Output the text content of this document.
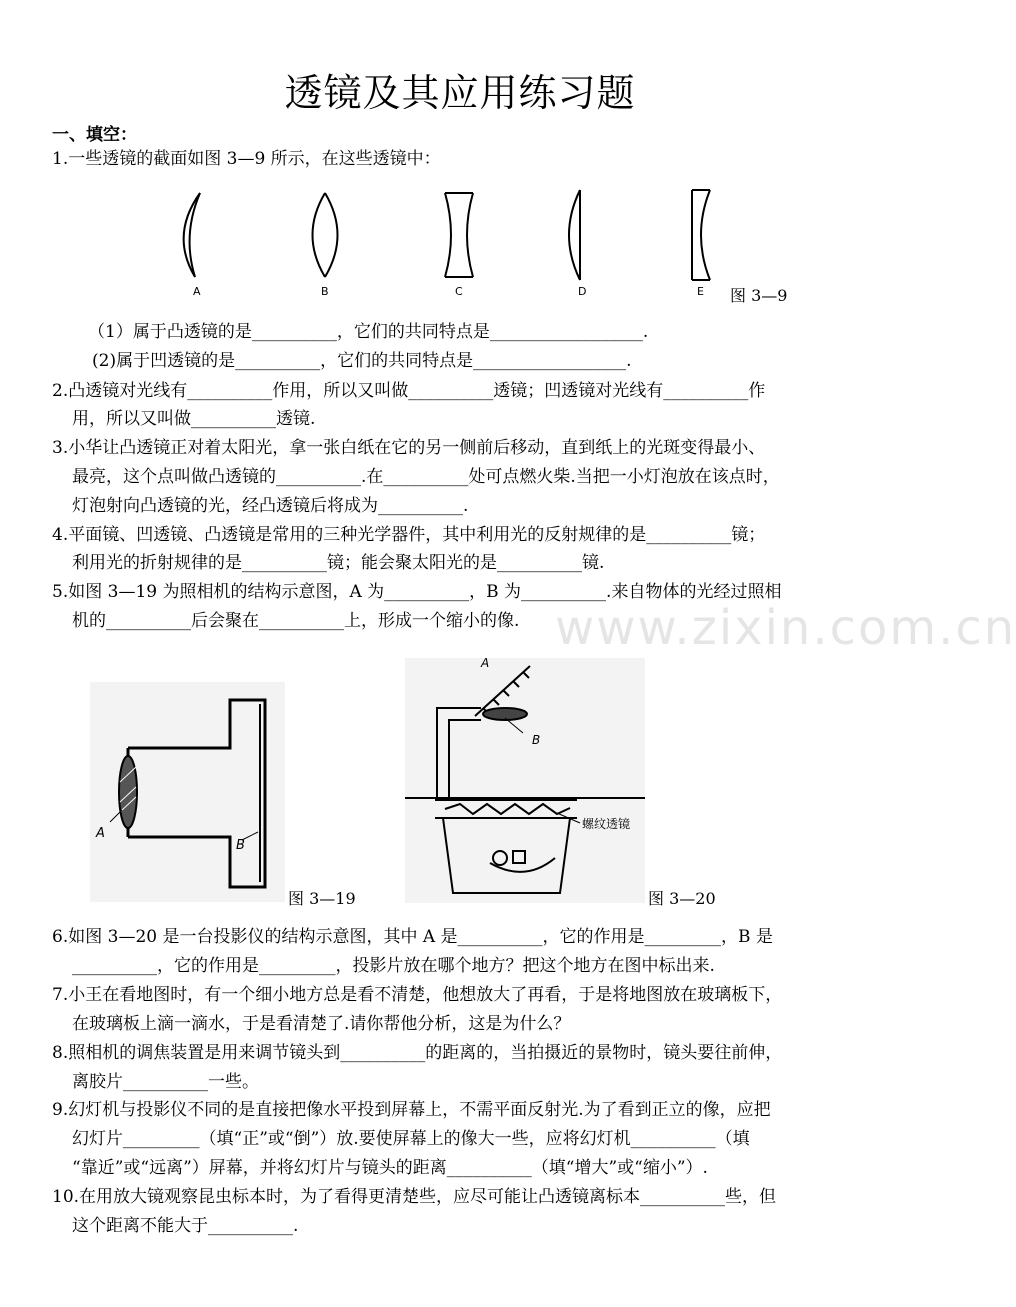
透镜及其应用练习题
一、填空：
1.一些透镜的截面如图 3—9 所示，在这些透镜中：
A	B	C	D	E 图 3—9
（1）属于凸透镜的是__________，它们的共同特点是__________________.
(2)属于凹透镜的是__________，它们的共同特点是__________________.
2.凸透镜对光线有__________作用，所以又叫做__________透镜；凹透镜对光线有__________作
用，所以又叫做__________透镜.
3.小华让凸透镜正对着太阳光，拿一张白纸在它的另一侧前后移动，直到纸上的光斑变得最小、
最亮，这个点叫做凸透镜的__________.在__________处可点燃火柴.当把一小灯泡放在该点时，
灯泡射向凸透镜的光，经凸透镜后将成为__________.
4.平面镜、凹透镜、凸透镜是常用的三种光学器件，其中利用光的反射规律的是__________镜；
利用光的折射规律的是__________镜；能会聚太阳光的是__________镜.
5.如图 3—19 为照相机的结构示意图，A 为__________，B 为__________.来自物体的光经过照相
机的__________后会聚在__________上，形成一个缩小的像. www.zixin.com.cn
A
B
图 3—19
A
B
螺纹透镜
图 3—20
6.如图 3—20 是一台投影仪的结构示意图，其中 A 是__________，它的作用是_________，B 是
__________，它的作用是_________，投影片放在哪个地方？把这个地方在图中标出来.
7.小王在看地图时，有一个细小地方总是看不清楚，他想放大了再看，于是将地图放在玻璃板下，
在玻璃板上滴一滴水，于是看清楚了.请你帮他分析，这是为什么？
8.照相机的调焦装置是用来调节镜头到__________的距离的，当拍摄近的景物时，镜头要往前伸，
离胶片__________一些。
9.幻灯机与投影仪不同的是直接把像水平投到屏幕上，不需平面反射光.为了看到正立的像，应把
幻灯片_________（填“正”或“倒”）放.要使屏幕上的像大一些，应将幻灯机__________（填
“靠近”或“远离”）屏幕，并将幻灯片与镜头的距离__________（填“增大”或“缩小”）.
10.在用放大镜观察昆虫标本时，为了看得更清楚些，应尽可能让凸透镜离标本__________些，但
这个距离不能大于__________.
